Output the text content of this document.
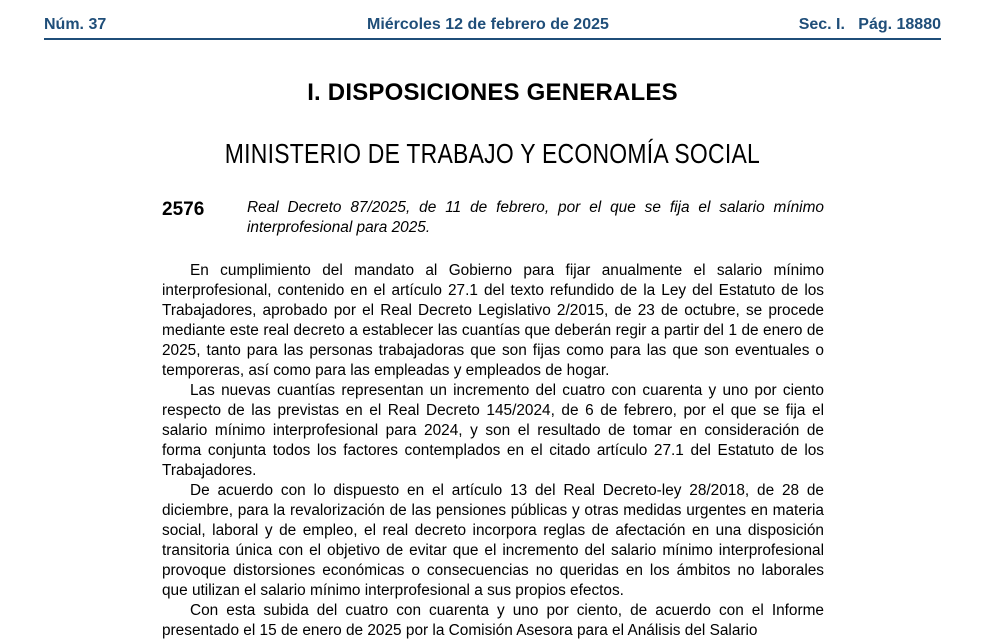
Núm. 37	Miércoles 12 de febrero de 2025	Sec. I.   Pág. 18880
I. DISPOSICIONES GENERALES
MINISTERIO DE TRABAJO Y ECONOMÍA SOCIAL
2576	Real Decreto 87/2025, de 11 de febrero, por el que se fija el salario mínimo interprofesional para 2025.

En cumplimiento del mandato al Gobierno para fijar anualmente el salario mínimo interprofesional, contenido en el artículo 27.1 del texto refundido de la Ley del Estatuto de los Trabajadores, aprobado por el Real Decreto Legislativo 2/2015, de 23 de octubre, se procede mediante este real decreto a establecer las cuantías que deberán regir a partir del 1 de enero de 2025, tanto para las personas trabajadoras que son fijas como para las que son eventuales o temporeras, así como para las empleadas y empleados de hogar.

Las nuevas cuantías representan un incremento del cuatro con cuarenta y uno por ciento respecto de las previstas en el Real Decreto 145/2024, de 6 de febrero, por el que se fija el salario mínimo interprofesional para 2024, y son el resultado de tomar en consideración de forma conjunta todos los factores contemplados en el citado artículo 27.1 del Estatuto de los Trabajadores.

De acuerdo con lo dispuesto en el artículo 13 del Real Decreto-ley 28/2018, de 28 de diciembre, para la revalorización de las pensiones públicas y otras medidas urgentes en materia social, laboral y de empleo, el real decreto incorpora reglas de afectación en una disposición transitoria única con el objetivo de evitar que el incremento del salario mínimo interprofesional provoque distorsiones económicas o consecuencias no queridas en los ámbitos no laborales que utilizan el salario mínimo interprofesional a sus propios efectos.

Con esta subida del cuatro con cuarenta y uno por ciento, de acuerdo con el Informe presentado el 15 de enero de 2025 por la Comisión Asesora para el Análisis del Salario
